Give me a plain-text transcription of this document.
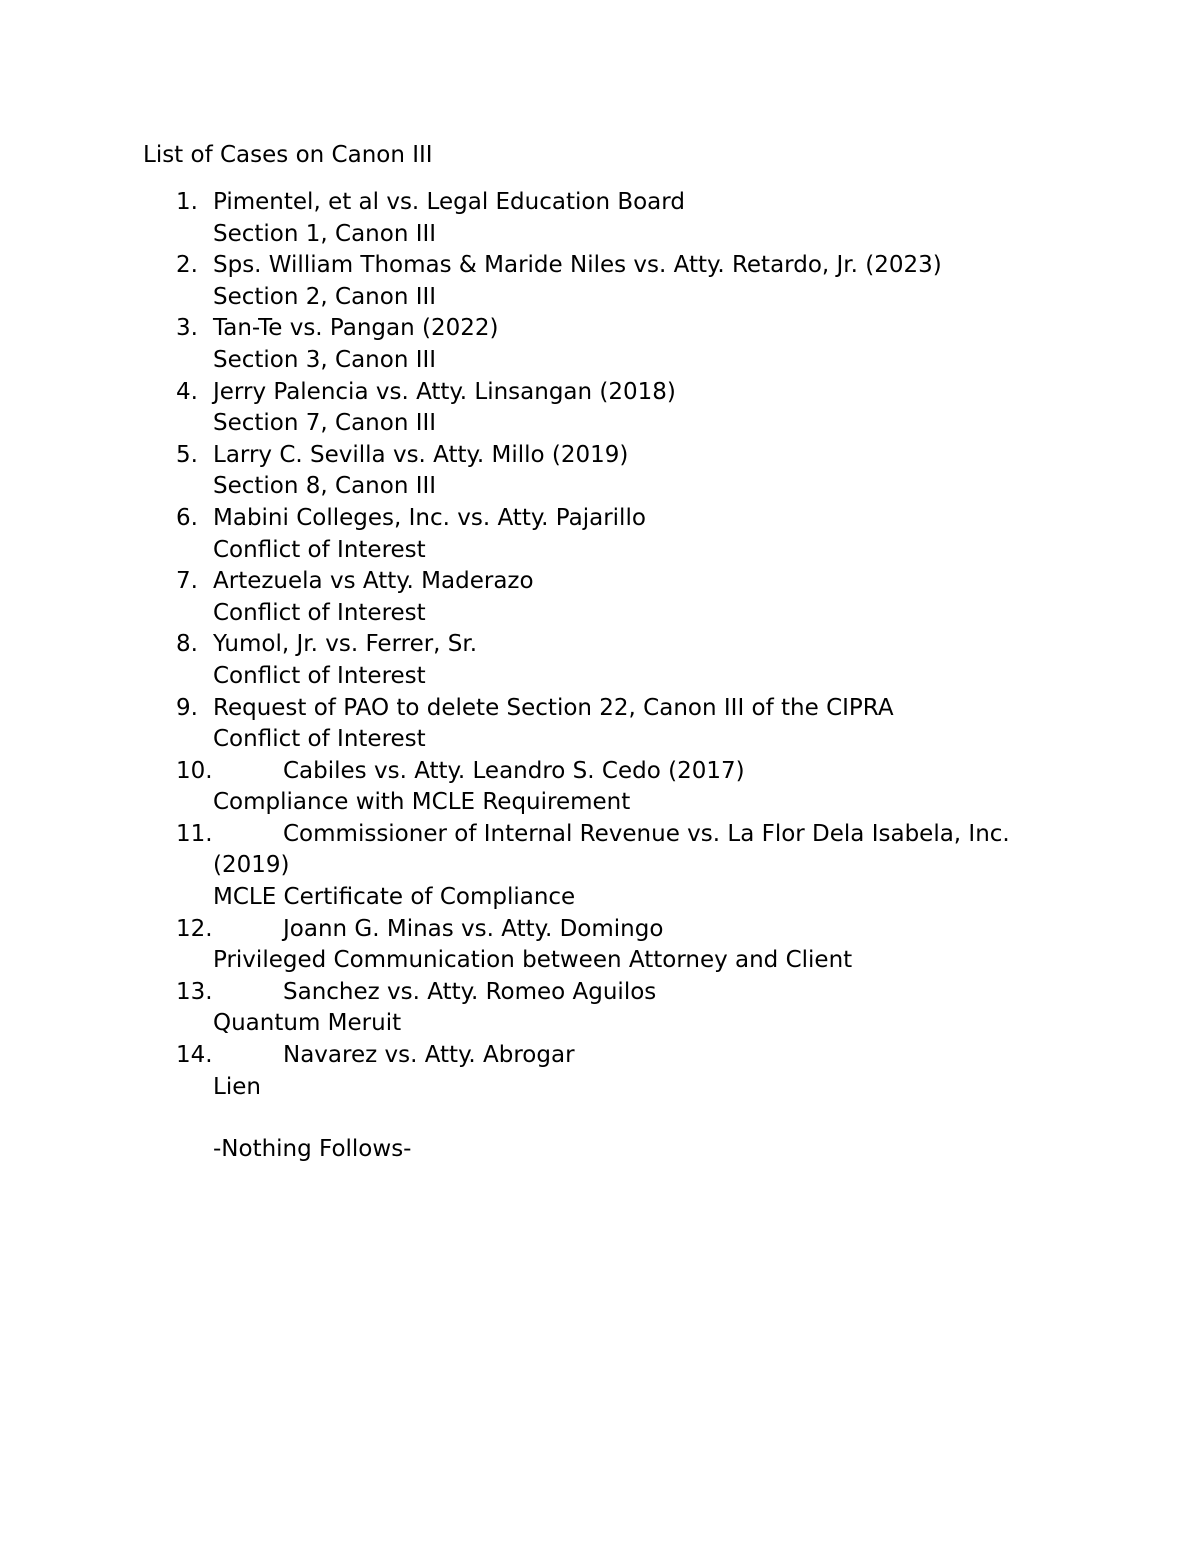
List of Cases on Canon III
1. Pimentel, et al vs. Legal Education Board
Section 1, Canon III
2. Sps. William Thomas & Maride Niles vs. Atty. Retardo, Jr. (2023)
Section 2, Canon III
3. Tan-Te vs. Pangan (2022)
Section 3, Canon III
4. Jerry Palencia vs. Atty. Linsangan (2018)
Section 7, Canon III
5. Larry C. Sevilla vs. Atty. Millo (2019)
Section 8, Canon III
6. Mabini Colleges, Inc. vs. Atty. Pajarillo
Conflict of Interest
7. Artezuela vs Atty. Maderazo
Conflict of Interest
8. Yumol, Jr. vs. Ferrer, Sr.
Conflict of Interest
9. Request of PAO to delete Section 22, Canon III of the CIPRA
Conflict of Interest
10.	Cabiles vs. Atty. Leandro S. Cedo (2017)
Compliance with MCLE Requirement
11.	Commissioner of Internal Revenue vs. La Flor Dela Isabela, Inc. (2019)
MCLE Certificate of Compliance
12.	Joann G. Minas vs. Atty. Domingo
Privileged Communication between Attorney and Client
13.	Sanchez vs. Atty. Romeo Aguilos
Quantum Meruit
14.	Navarez vs. Atty. Abrogar
Lien
-Nothing Follows-
